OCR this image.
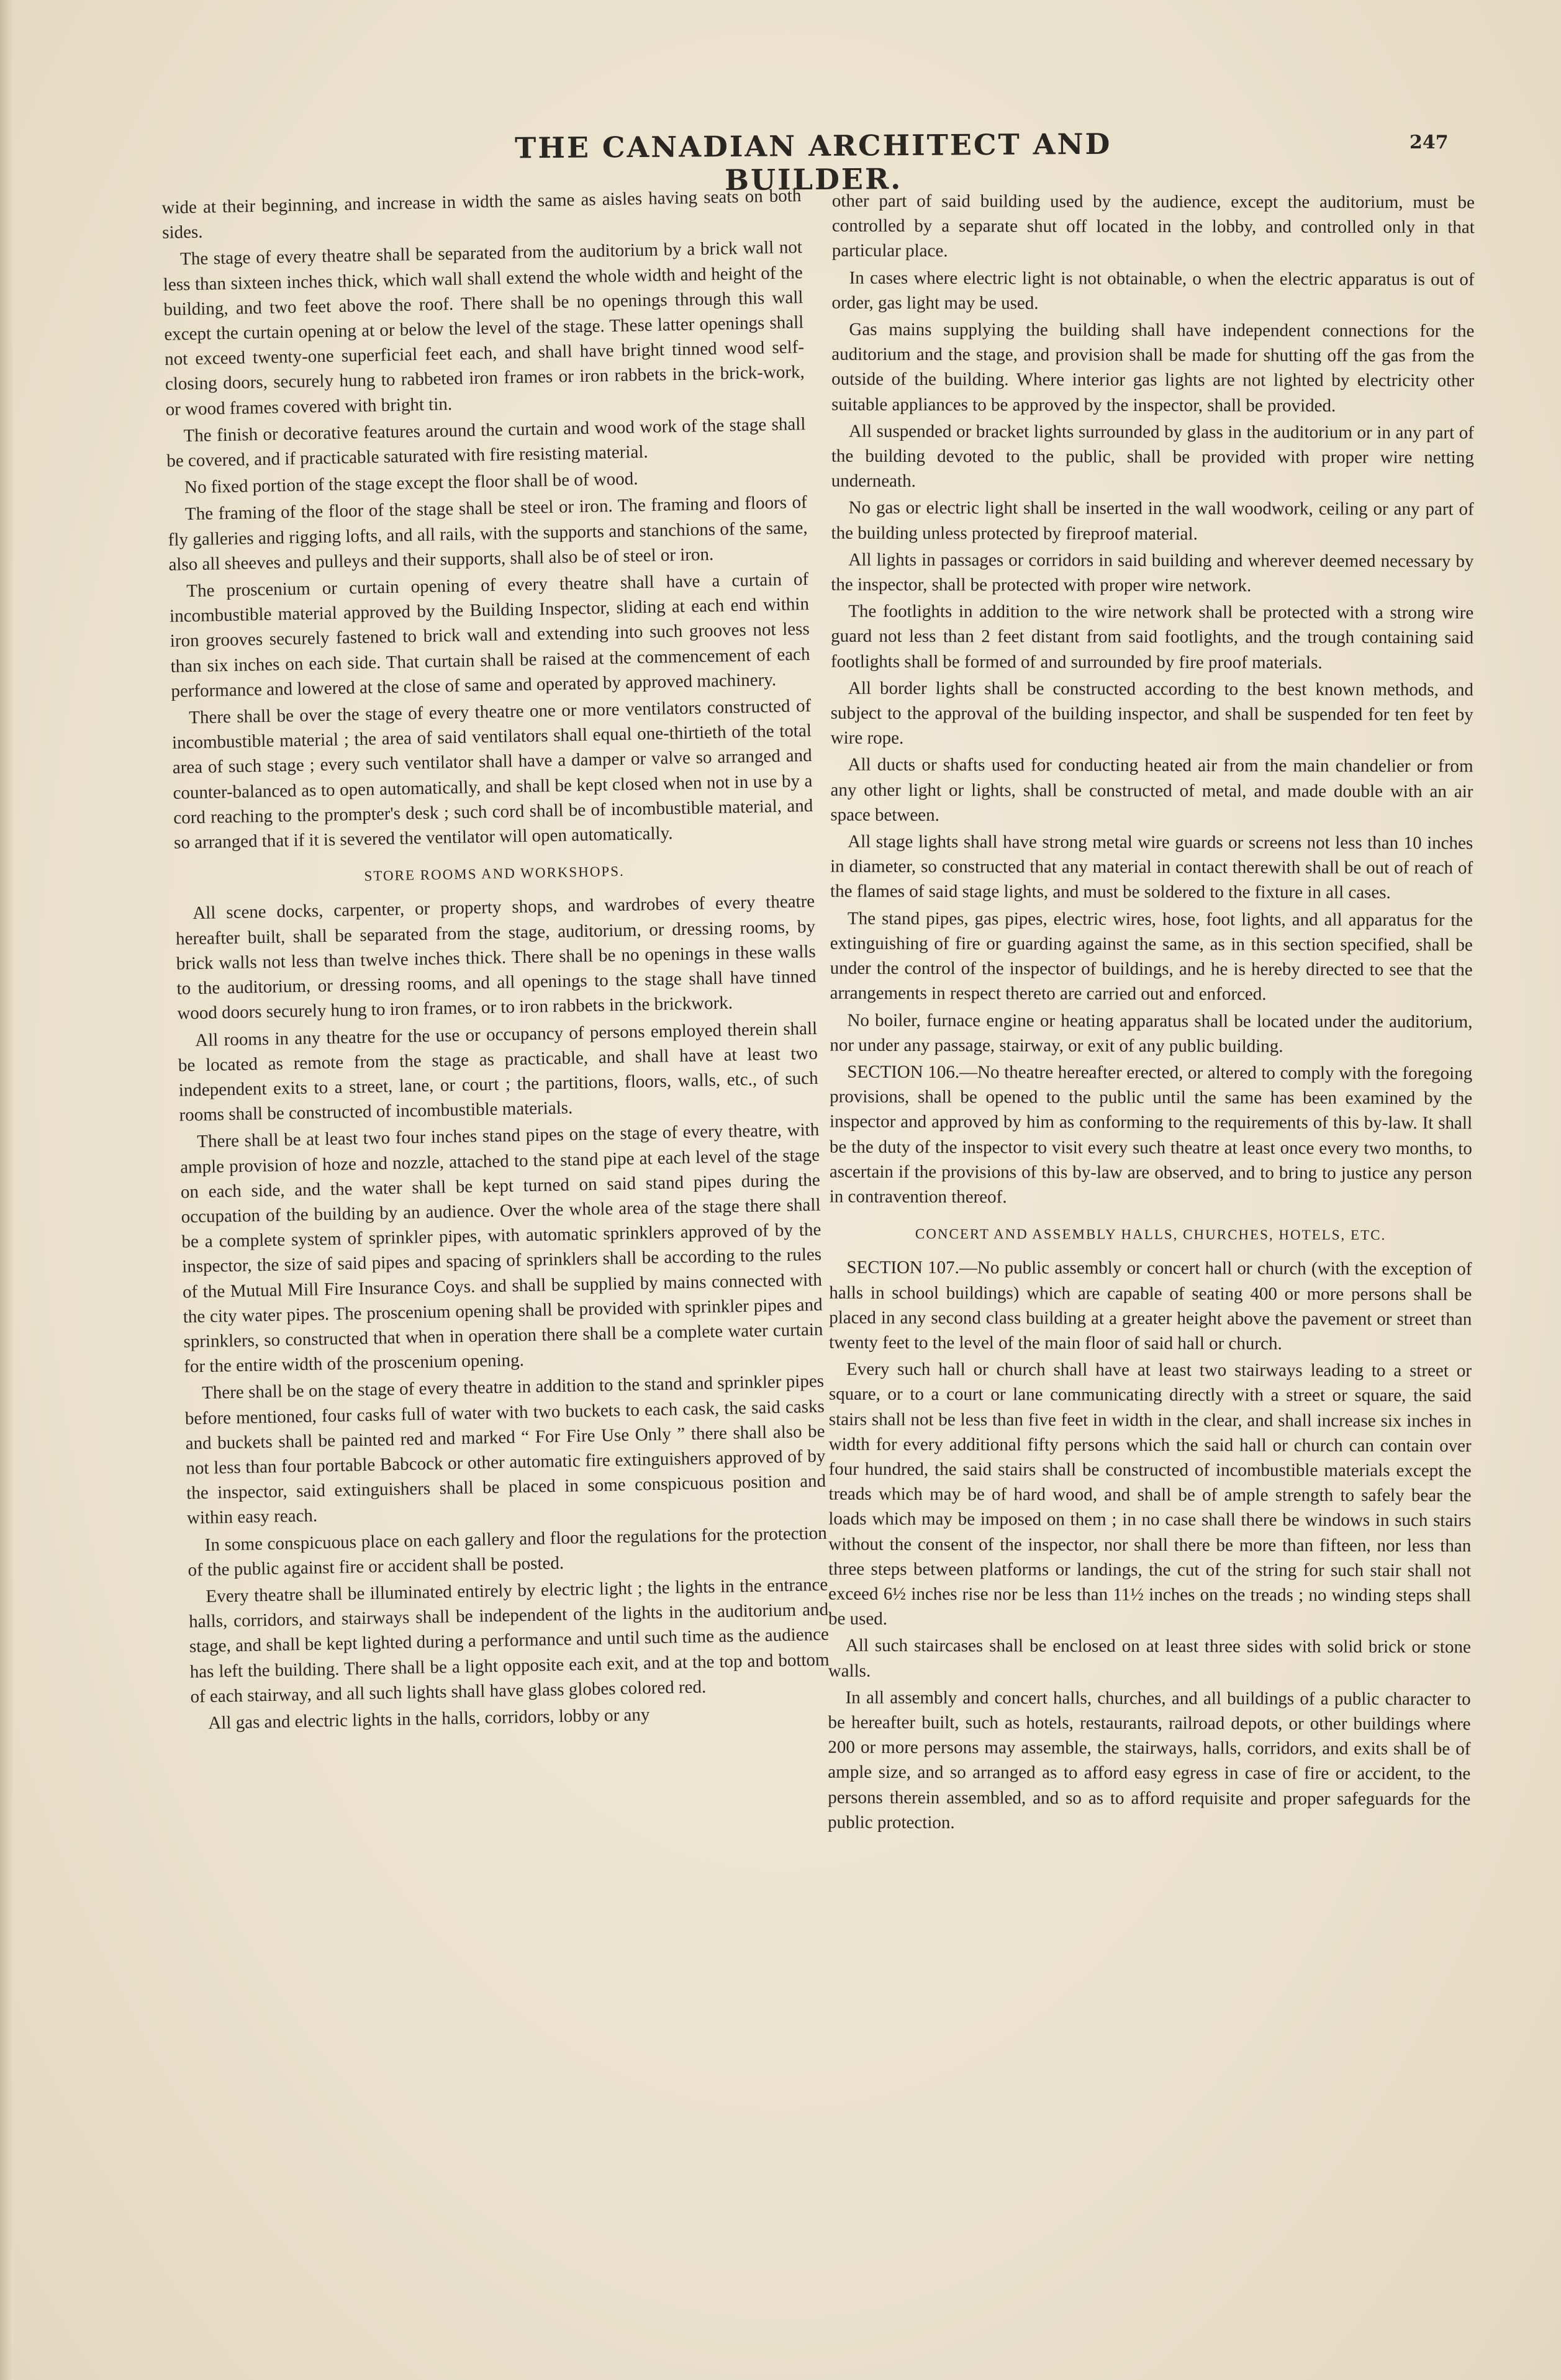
THE CANADIAN ARCHITECT AND BUILDER.
247

wide at their beginning, and increase in width the same as aisles having seats on both sides.

The stage of every theatre shall be separated from the auditorium by a brick wall not less than sixteen inches thick, which wall shall extend the whole width and height of the building, and two feet above the roof. There shall be no openings through this wall except the curtain opening at or below the level of the stage. These latter openings shall not exceed twenty-one superficial feet each, and shall have bright tinned wood self-closing doors, securely hung to rabbeted iron frames or iron rabbets in the brick-work, or wood frames covered with bright tin.

The finish or decorative features around the curtain and wood work of the stage shall be covered, and if practicable saturated with fire resisting material.

No fixed portion of the stage except the floor shall be of wood.

The framing of the floor of the stage shall be steel or iron. The framing and floors of fly galleries and rigging lofts, and all rails, with the supports and stanchions of the same, also all sheeves and pulleys and their supports, shall also be of steel or iron.

The proscenium or curtain opening of every theatre shall have a curtain of incombustible material approved by the Building Inspector, sliding at each end within iron grooves securely fastened to brick wall and extending into such grooves not less than six inches on each side. That curtain shall be raised at the commencement of each performance and lowered at the close of same and operated by approved machinery.

There shall be over the stage of every theatre one or more ventilators constructed of incombustible material ; the area of said ventilators shall equal one-thirtieth of the total area of such stage ; every such ventilator shall have a damper or valve so arranged and counter-balanced as to open automatically, and shall be kept closed when not in use by a cord reaching to the prompter's desk ; such cord shall be of incombustible material, and so arranged that if it is severed the ventilator will open automatically.

STORE ROOMS AND WORKSHOPS.

All scene docks, carpenter, or property shops, and wardrobes of every theatre hereafter built, shall be separated from the stage, auditorium, or dressing rooms, by brick walls not less than twelve inches thick. There shall be no openings in these walls to the auditorium, or dressing rooms, and all openings to the stage shall have tinned wood doors securely hung to iron frames, or to iron rabbets in the brickwork.

All rooms in any theatre for the use or occupancy of persons employed therein shall be located as remote from the stage as practicable, and shall have at least two independent exits to a street, lane, or court ; the partitions, floors, walls, etc., of such rooms shall be constructed of incombustible materials.

There shall be at least two four inches stand pipes on the stage of every theatre, with ample provision of hoze and nozzle, attached to the stand pipe at each level of the stage on each side, and the water shall be kept turned on said stand pipes during the occupation of the building by an audience. Over the whole area of the stage there shall be a complete system of sprinkler pipes, with automatic sprinklers approved of by the inspector, the size of said pipes and spacing of sprinklers shall be according to the rules of the Mutual Mill Fire Insurance Coys. and shall be supplied by mains connected with the city water pipes. The proscenium opening shall be provided with sprinkler pipes and sprinklers, so constructed that when in operation there shall be a complete water curtain for the entire width of the proscenium opening.

There shall be on the stage of every theatre in addition to the stand and sprinkler pipes before mentioned, four casks full of water with two buckets to each cask, the said casks and buckets shall be painted red and marked “ For Fire Use Only ” there shall also be not less than four portable Babcock or other automatic fire extinguishers approved of by the inspector, said extinguishers shall be placed in some conspicuous position and within easy reach.

In some conspicuous place on each gallery and floor the regulations for the protection of the public against fire or accident shall be posted.

Every theatre shall be illuminated entirely by electric light ; the lights in the entrance halls, corridors, and stairways shall be independent of the lights in the auditorium and stage, and shall be kept lighted during a performance and until such time as the audience has left the building. There shall be a light opposite each exit, and at the top and bottom of each stairway, and all such lights shall have glass globes colored red.

All gas and electric lights in the halls, corridors, lobby or any

other part of said building used by the audience, except the auditorium, must be controlled by a separate shut off located in the lobby, and controlled only in that particular place.

In cases where electric light is not obtainable, o when the electric apparatus is out of order, gas light may be used.

Gas mains supplying the building shall have independent connections for the auditorium and the stage, and provision shall be made for shutting off the gas from the outside of the building. Where interior gas lights are not lighted by electricity other suitable appliances to be approved by the inspector, shall be provided.

All suspended or bracket lights surrounded by glass in the auditorium or in any part of the building devoted to the public, shall be provided with proper wire netting underneath.

No gas or electric light shall be inserted in the wall woodwork, ceiling or any part of the building unless protected by fireproof material.

All lights in passages or corridors in said building and wherever deemed necessary by the inspector, shall be protected with proper wire network.

The footlights in addition to the wire network shall be protected with a strong wire guard not less than 2 feet distant from said footlights, and the trough containing said footlights shall be formed of and surrounded by fire proof materials.

All border lights shall be constructed according to the best known methods, and subject to the approval of the building inspector, and shall be suspended for ten feet by wire rope.

All ducts or shafts used for conducting heated air from the main chandelier or from any other light or lights, shall be constructed of metal, and made double with an air space between.

All stage lights shall have strong metal wire guards or screens not less than 10 inches in diameter, so constructed that any material in contact therewith shall be out of reach of the flames of said stage lights, and must be soldered to the fixture in all cases.

The stand pipes, gas pipes, electric wires, hose, foot lights, and all apparatus for the extinguishing of fire or guarding against the same, as in this section specified, shall be under the control of the inspector of buildings, and he is hereby directed to see that the arrangements in respect thereto are carried out and enforced.

No boiler, furnace engine or heating apparatus shall be located under the auditorium, nor under any passage, stairway, or exit of any public building.

SECTION 106.—No theatre hereafter erected, or altered to comply with the foregoing provisions, shall be opened to the public until the same has been examined by the inspector and approved by him as conforming to the requirements of this by-law. It shall be the duty of the inspector to visit every such theatre at least once every two months, to ascertain if the provisions of this by-law are observed, and to bring to justice any person in contravention thereof.

CONCERT AND ASSEMBLY HALLS, CHURCHES, HOTELS, ETC.

SECTION 107.—No public assembly or concert hall or church (with the exception of halls in school buildings) which are capable of seating 400 or more persons shall be placed in any second class building at a greater height above the pavement or street than twenty feet to the level of the main floor of said hall or church.

Every such hall or church shall have at least two stairways leading to a street or square, or to a court or lane communicating directly with a street or square, the said stairs shall not be less than five feet in width in the clear, and shall increase six inches in width for every additional fifty persons which the said hall or church can contain over four hundred, the said stairs shall be constructed of incombustible materials except the treads which may be of hard wood, and shall be of ample strength to safely bear the loads which may be imposed on them ; in no case shall there be windows in such stairs without the consent of the inspector, nor shall there be more than fifteen, nor less than three steps between platforms or landings, the cut of the string for such stair shall not exceed 6½ inches rise nor be less than 11½ inches on the treads ; no winding steps shall be used.

All such staircases shall be enclosed on at least three sides with solid brick or stone walls.

In all assembly and concert halls, churches, and all buildings of a public character to be hereafter built, such as hotels, restaurants, railroad depots, or other buildings where 200 or more persons may assemble, the stairways, halls, corridors, and exits shall be of ample size, and so arranged as to afford easy egress in case of fire or accident, to the persons therein assembled, and so as to afford requisite and proper safeguards for the public protection.
